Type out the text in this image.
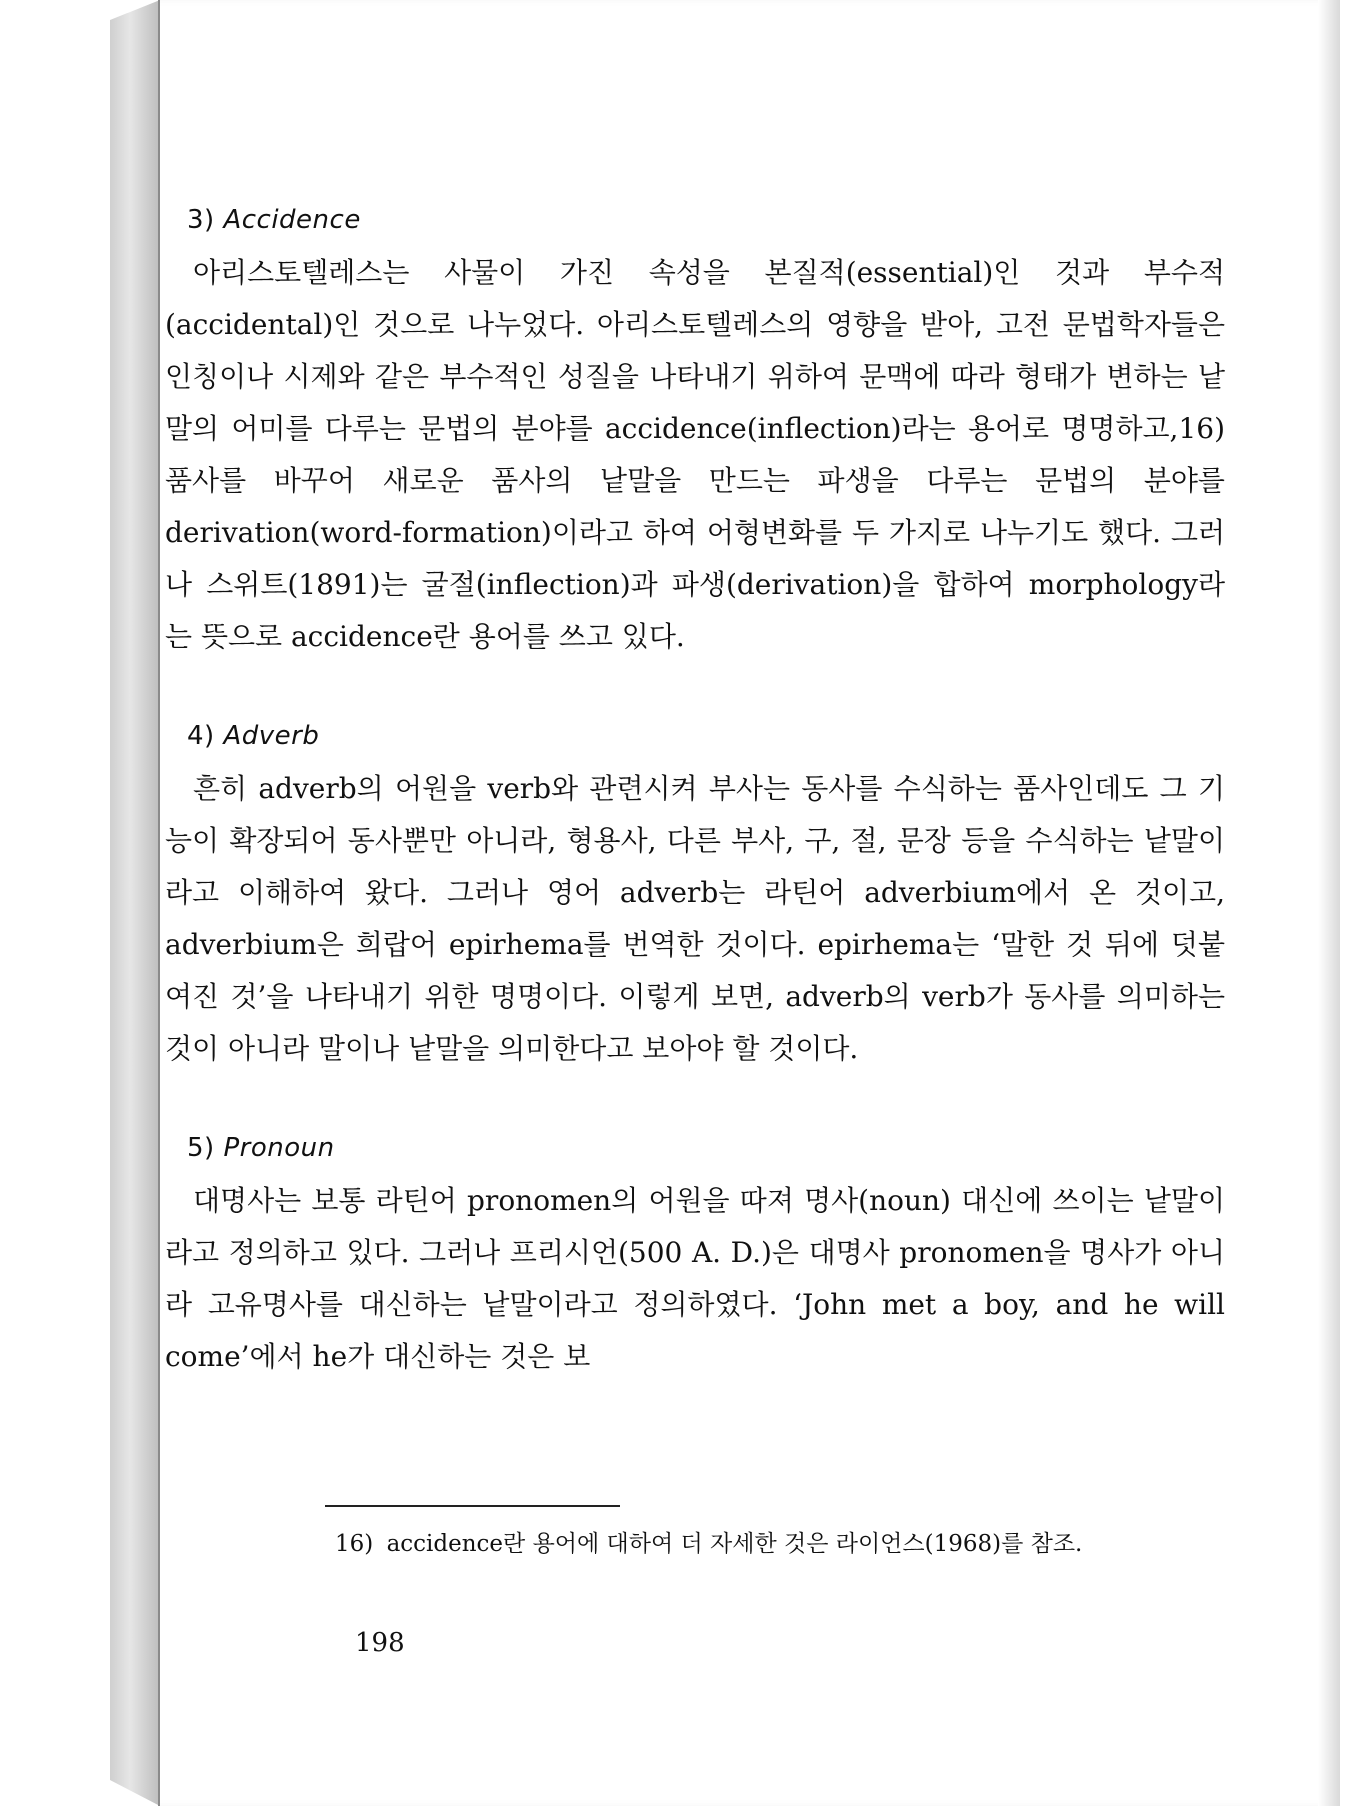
3) Accidence

아리스토텔레스는 사물이 가진 속성을 본질적(essential)인 것과 부수적(accidental)인 것으로 나누었다. 아리스토텔레스의 영향을 받아, 고전 문법학자들은 인칭이나 시제와 같은 부수적인 성질을 나타내기 위하여 문맥에 따라 형태가 변하는 낱말의 어미를 다루는 문법의 분야를 accidence(inflection)라는 용어로 명명하고,16) 품사를 바꾸어 새로운 품사의 낱말을 만드는 파생을 다루는 문법의 분야를 derivation(word-formation)이라고 하여 어형변화를 두 가지로 나누기도 했다. 그러나 스위트(1891)는 굴절(inflection)과 파생(derivation)을 합하여 morphology라는 뜻으로 accidence란 용어를 쓰고 있다.

4) Adverb

흔히 adverb의 어원을 verb와 관련시켜 부사는 동사를 수식하는 품사인데도 그 기능이 확장되어 동사뿐만 아니라, 형용사, 다른 부사, 구, 절, 문장 등을 수식하는 낱말이라고 이해하여 왔다. 그러나 영어 adverb는 라틴어 adverbium에서 온 것이고, adverbium은 희랍어 epirhema를 번역한 것이다. epirhema는 ‘말한 것 뒤에 덧붙여진 것’을 나타내기 위한 명명이다. 이렇게 보면, adverb의 verb가 동사를 의미하는 것이 아니라 말이나 낱말을 의미한다고 보아야 할 것이다.

5) Pronoun

대명사는 보통 라틴어 pronomen의 어원을 따져 명사(noun) 대신에 쓰이는 낱말이라고 정의하고 있다. 그러나 프리시언(500 A. D.)은 대명사 pronomen을 명사가 아니라 고유명사를 대신하는 낱말이라고 정의하였다. ‘John met a boy, and he will come’에서 he가 대신하는 것은 보

16) accidence란 용어에 대하여 더 자세한 것은 라이언스(1968)를 참조.
198
